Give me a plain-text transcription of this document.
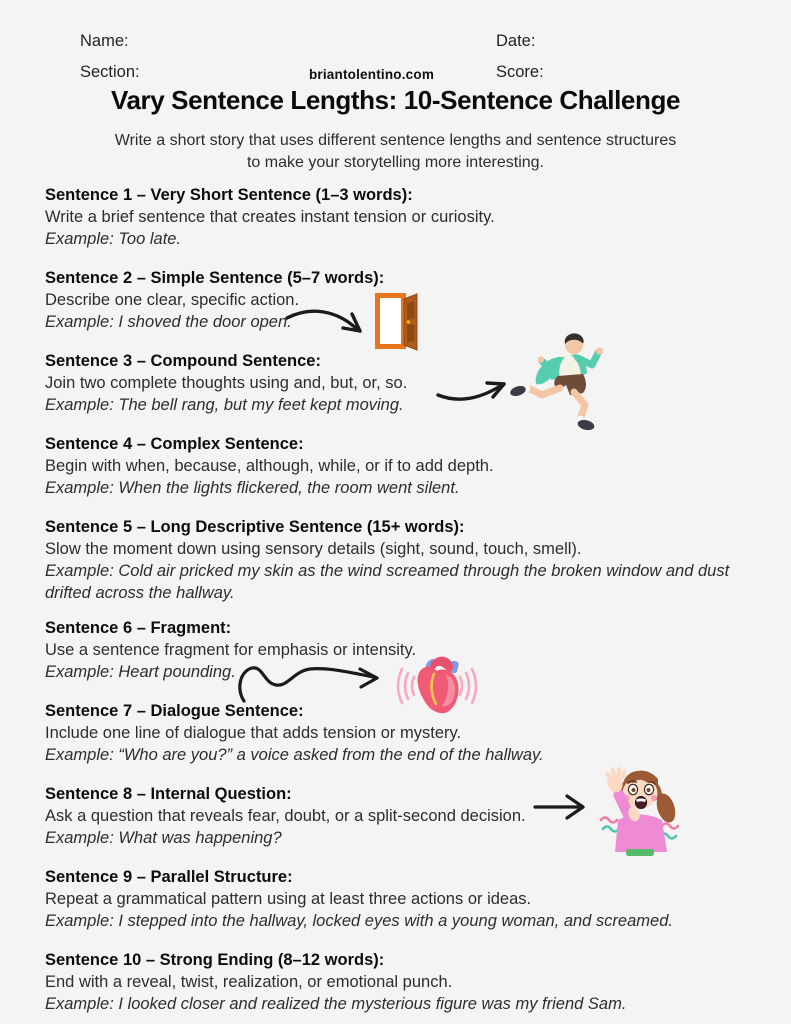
Name:	Date:
Section:	Score:
briantolentino.com
Vary Sentence Lengths: 10-Sentence Challenge

Write a short story that uses different sentence lengths and sentence structures to make your storytelling more interesting.

Sentence 1 – Very Short Sentence (1–3 words):

Write a brief sentence that creates instant tension or curiosity.

Example: Too late.

Sentence 2 – Simple Sentence (5–7 words):

Describe one clear, specific action.

Example: I shoved the door open.

Sentence 3 – Compound Sentence:

Join two complete thoughts using and, but, or, so.

Example: The bell rang, but my feet kept moving.

Sentence 4 – Complex Sentence:

Begin with when, because, although, while, or if to add depth.

Example: When the lights flickered, the room went silent.

Sentence 5 – Long Descriptive Sentence (15+ words):

Slow the moment down using sensory details (sight, sound, touch, smell).

Example: Cold air pricked my skin as the wind screamed through the broken window and dust drifted across the hallway.

Sentence 6 – Fragment:

Use a sentence fragment for emphasis or intensity.

Example: Heart pounding.

Sentence 7 – Dialogue Sentence:

Include one line of dialogue that adds tension or mystery.

Example: “Who are you?” a voice asked from the end of the hallway.

Sentence 8 – Internal Question:

Ask a question that reveals fear, doubt, or a split-second decision.

Example: What was happening?

Sentence 9 – Parallel Structure:

Repeat a grammatical pattern using at least three actions or ideas.

Example: I stepped into the hallway, locked eyes with a young woman, and screamed.

Sentence 10 – Strong Ending (8–12 words):

End with a reveal, twist, realization, or emotional punch.

Example: I looked closer and realized the mysterious figure was my friend Sam.
